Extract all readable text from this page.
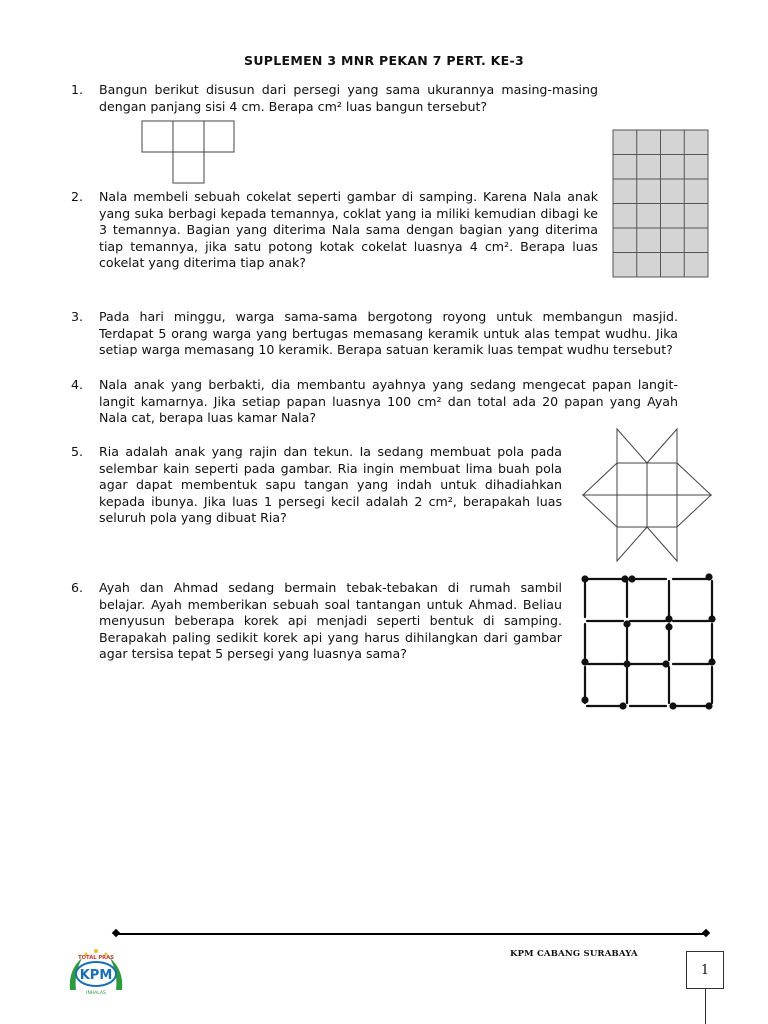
SUPLEMEN 3 MNR PEKAN 7 PERT. KE-3
1. Bangun berikut disusun dari persegi yang sama ukurannya masing-masing dengan panjang sisi 4 cm. Berapa cm² luas bangun tersebut?

2. Nala membeli sebuah cokelat seperti gambar di samping. Karena Nala anak yang suka berbagi kepada temannya, coklat yang ia miliki kemudian dibagi ke 3 temannya. Bagian yang diterima Nala sama dengan bagian yang diterima tiap temannya, jika satu potong kotak cokelat luasnya 4 cm². Berapa luas cokelat yang diterima tiap anak?

3. Pada hari minggu, warga sama-sama bergotong royong untuk membangun masjid. Terdapat 5 orang warga yang bertugas memasang keramik untuk alas tempat wudhu. Jika setiap warga memasang 10 keramik. Berapa satuan keramik luas tempat wudhu tersebut?

4. Nala anak yang berbakti, dia membantu ayahnya yang sedang mengecat papan langit-langit kamarnya. Jika setiap papan luasnya 100 cm² dan total ada 20 papan yang Ayah Nala cat, berapa luas kamar Nala?

5. Ria adalah anak yang rajin dan tekun. Ia sedang membuat pola pada selembar kain seperti pada gambar. Ria ingin membuat lima buah pola agar dapat membentuk sapu tangan yang indah untuk dihadiahkan kepada ibunya. Jika luas 1 persegi kecil adalah 2 cm², berapakah luas seluruh pola yang dibuat Ria?

6. Ayah dan Ahmad sedang bermain tebak-tebakan di rumah sambil belajar. Ayah memberikan sebuah soal tantangan untuk Ahmad. Beliau menyusun beberapa korek api menjadi seperti bentuk di samping. Berapakah paling sedikit korek api yang harus dihilangkan dari gambar agar tersisa tepat 5 persegi yang luasnya sama?

TOTAL PRAS
KPM
INHALAS
KPM CABANG SURABAYA
1
